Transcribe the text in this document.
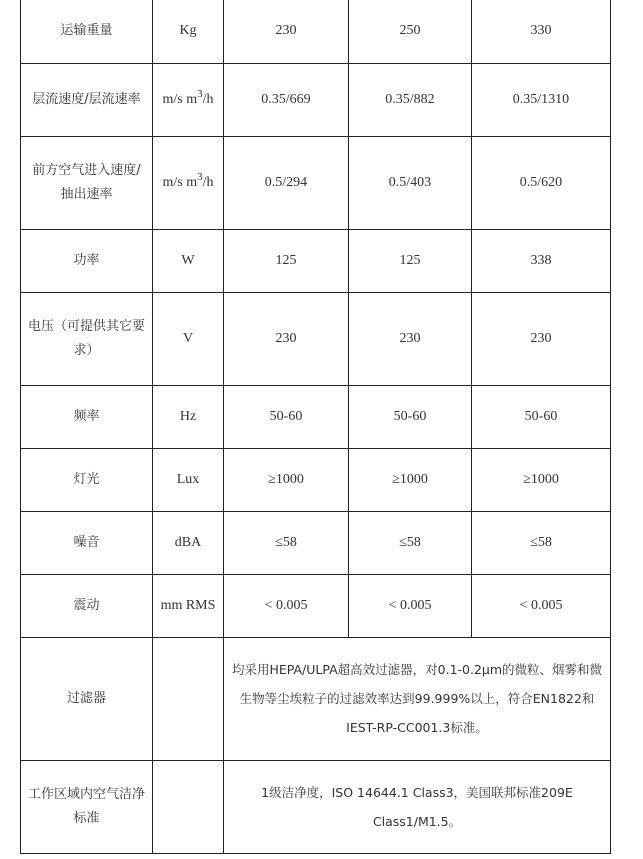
运输重量	Kg	230	250	330
层流速度/层流速率	m/s $m^3/h$	0.35/669	0.35/882	0.35/1310
前方空气进入速度/抽出速率	m/s $m^3/h$	0.5/294	0.5/403	0.5/620
功率	W	125	125	338
电压（可提供其它要求）	V	230	230	230
频率	Hz	50-60	50-60	50-60
灯光	Lux	≥1000	≥1000	≥1000
噪音	dBA	≤58	≤58	≤58
震动	mm RMS	< 0.005	< 0.005	< 0.005
过滤器		均采用HEPA/ULPA超高效过滤器，对0.1-0.2μm的微粒、烟雾和微生物等尘埃粒子的过滤效率达到99.999%以上，符合EN1822和IEST-RP-CC001.3标准。		
工作区域内空气洁净标准		1级洁净度，ISO 14644.1 Class3，美国联邦标准209E Class1/M1.5。		
